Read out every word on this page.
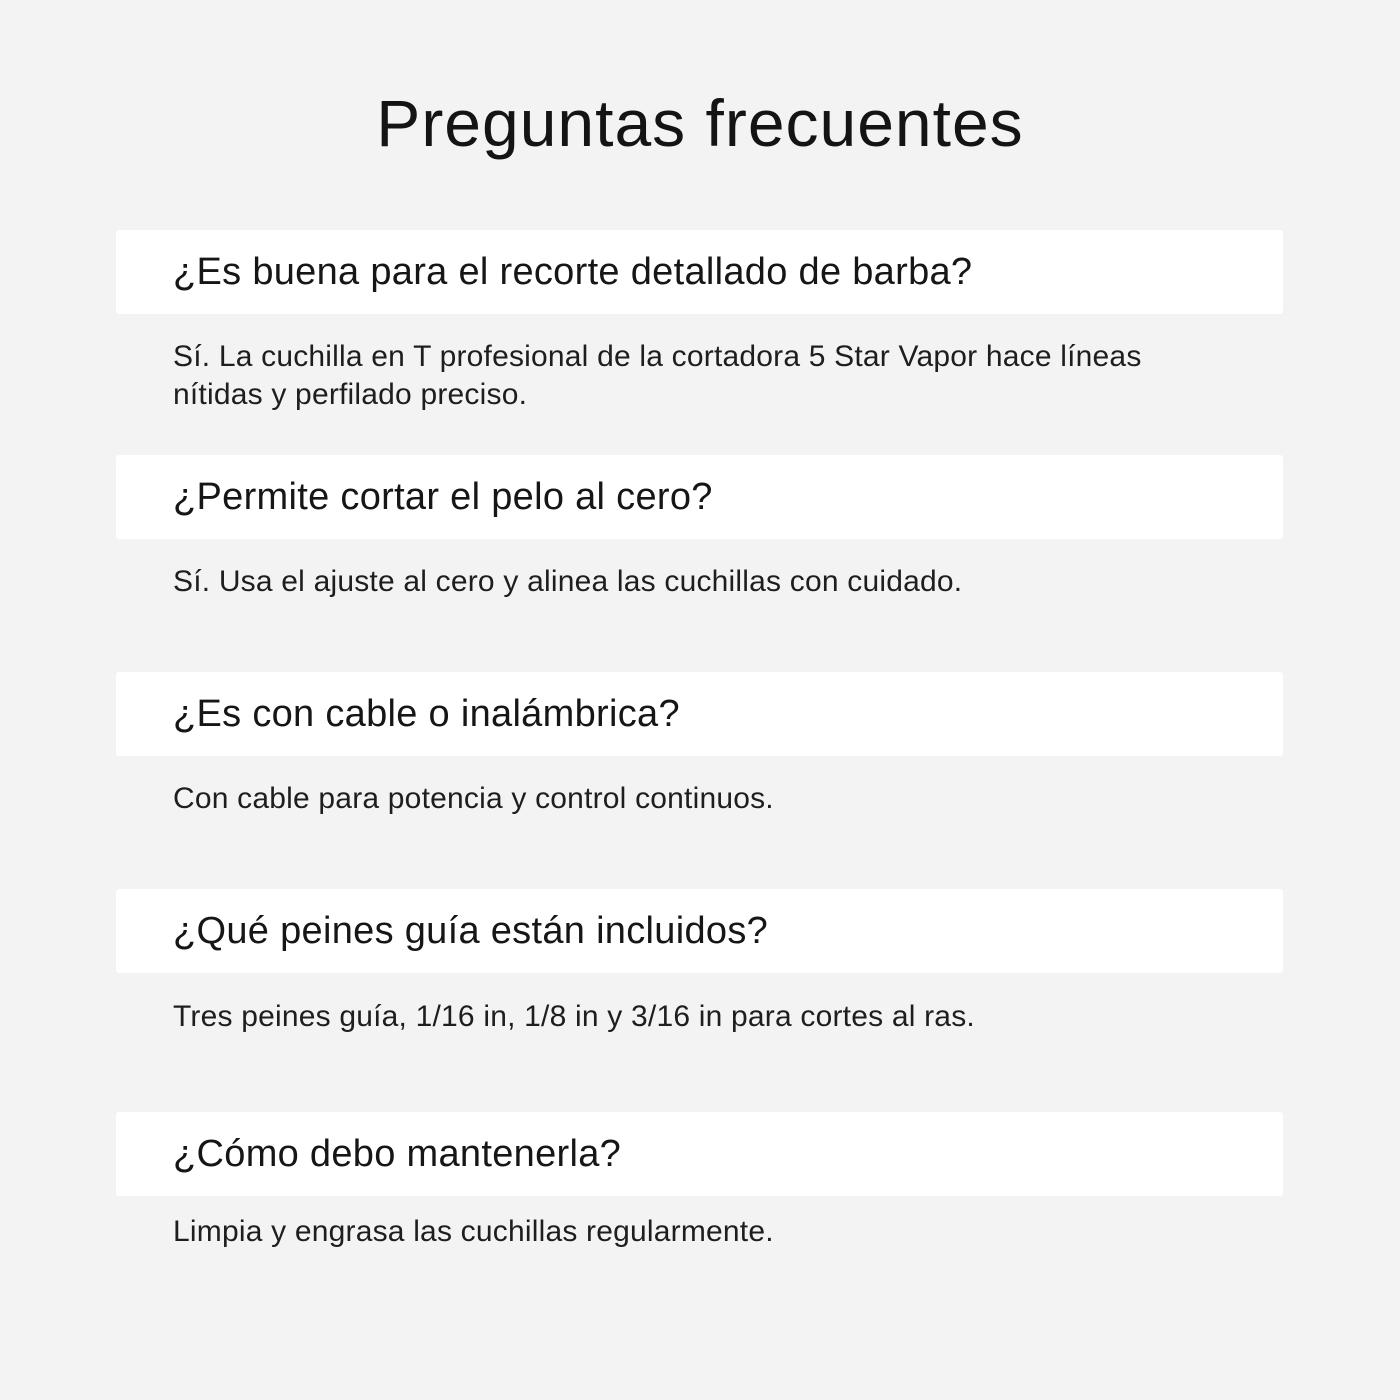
Preguntas frecuentes
¿Es buena para el recorte detallado de barba?

Sí. La cuchilla en T profesional de la cortadora 5 Star Vapor hace líneas nítidas y perfilado preciso.

¿Permite cortar el pelo al cero?

Sí. Usa el ajuste al cero y alinea las cuchillas con cuidado.

¿Es con cable o inalámbrica?

Con cable para potencia y control continuos.

¿Qué peines guía están incluidos?

Tres peines guía, 1/16 in, 1/8 in y 3/16 in para cortes al ras.

¿Cómo debo mantenerla?

Limpia y engrasa las cuchillas regularmente.
